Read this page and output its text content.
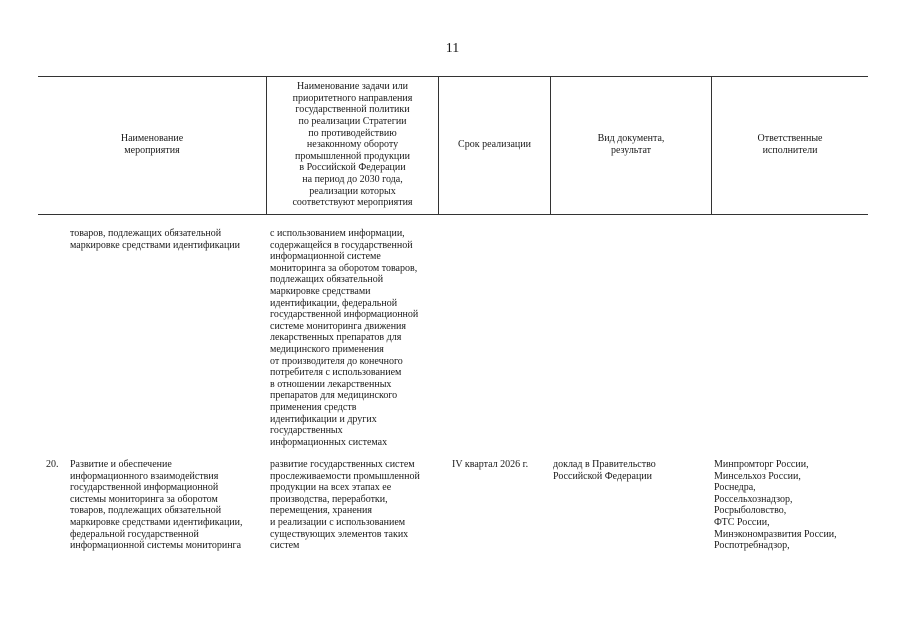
11
Наименование
мероприятия
Наименование задачи или
приоритетного направления
государственной политики
по реализации Стратегии
по противодействию
незаконному обороту
промышленной продукции
в Российской Федерации
на период до 2030 года,
реализации которых
соответствуют мероприятия
Срок реализации
Вид документа,
результат
Ответственные
исполнители
товаров, подлежащих обязательной
маркировке средствами идентификации
с использованием информации,
содержащейся в государственной
информационной системе
мониторинга за оборотом товаров,
подлежащих обязательной
маркировке средствами
идентификации, федеральной
государственной информационной
системе мониторинга движения
лекарственных препаратов для
медицинского применения
от производителя до конечного
потребителя с использованием
в отношении лекарственных
препаратов для медицинского
применения средств
идентификации и других
государственных
информационных системах
20.	Развитие и обеспечение
информационного взаимодействия
государственной информационной
системы мониторинга за оборотом
товаров, подлежащих обязательной
маркировке средствами идентификации,
федеральной государственной
информационной системы мониторинга
развитие государственных систем
прослеживаемости промышленной
продукции на всех этапах ее
производства, переработки,
перемещения, хранения
и реализации с использованием
существующих элементов таких
систем
IV квартал 2026 г.	доклад в Правительство
Российской Федерации
Минпромторг России,
Минсельхоз России,
Роснедра,
Россельхознадзор,
Росрыболовство,
ФТС России,
Минэкономразвития России,
Роспотребнадзор,
